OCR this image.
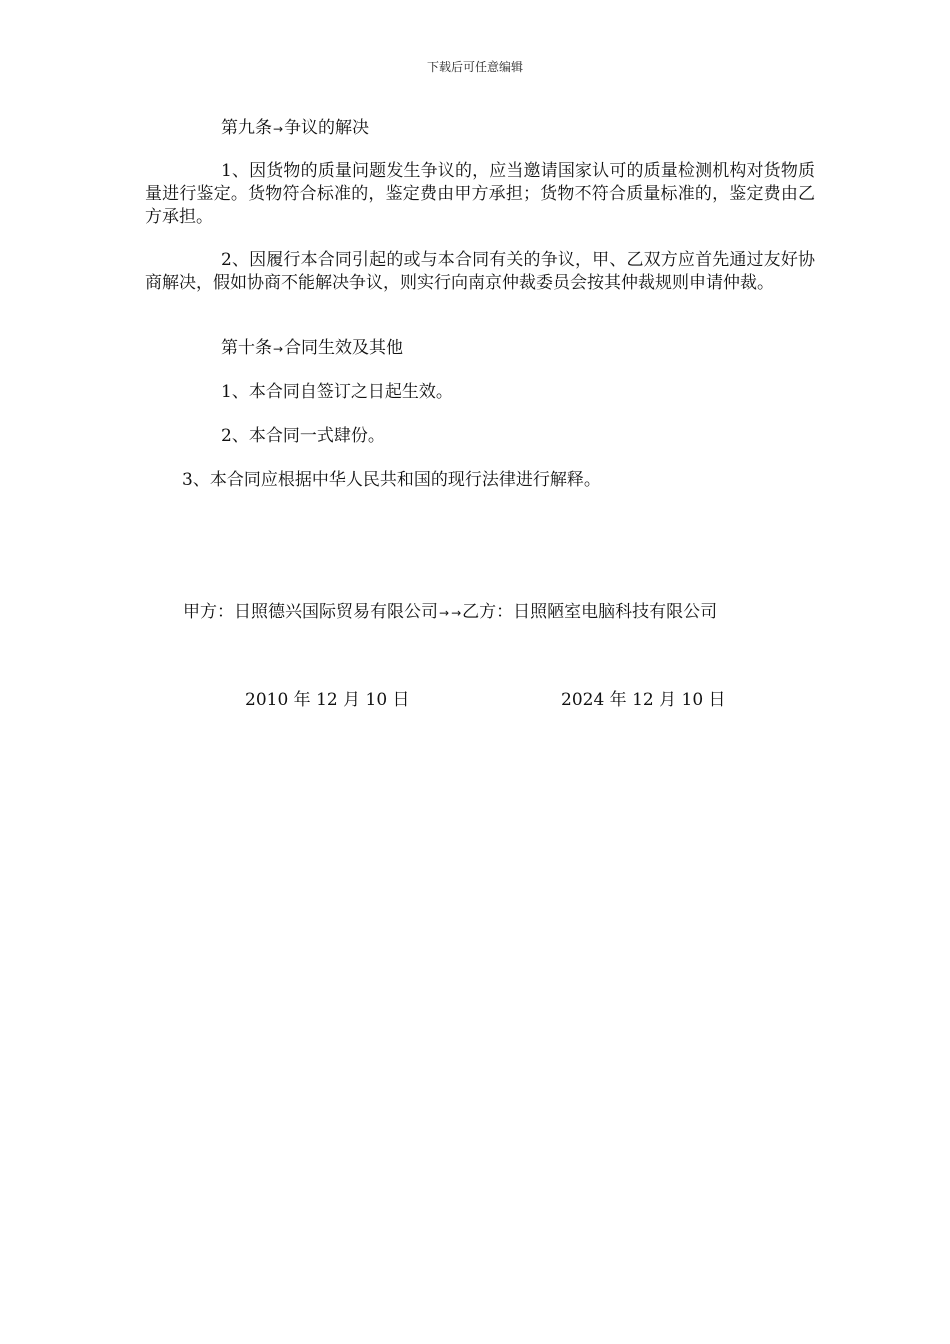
下载后可任意编辑
第九条→争议的解决
1、因货物的质量问题发生争议的，应当邀请国家认可的质量检测机构对货物质量进行鉴定。货物符合标准的，鉴定费由甲方承担；货物不符合质量标准的，鉴定费由乙方承担。
2、因履行本合同引起的或与本合同有关的争议，甲、乙双方应首先通过友好协商解决，假如协商不能解决争议，则实行向南京仲裁委员会按其仲裁规则申请仲裁。
第十条→合同生效及其他
1、本合同自签订之日起生效。
2、本合同一式肆份。
3、本合同应根据中华人民共和国的现行法律进行解释。
甲方：日照德兴国际贸易有限公司→ →乙方：日照陋室电脑科技有限公司
2010 年 12 月 10 日	2024 年 12 月 10 日
